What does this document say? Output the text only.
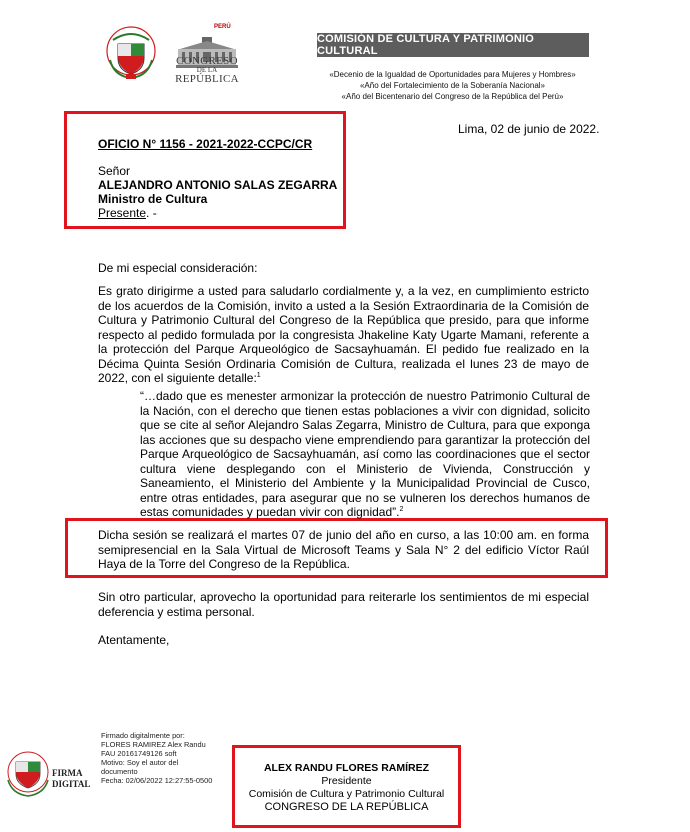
PERÚ
CONGRESO
DE LA
REPÚBLICA
COMISIÓN DE CULTURA Y PATRIMONIO CULTURAL
«Decenio de la Igualdad de Oportunidades para Mujeres y Hombres»
«Año del Fortalecimiento de la Soberanía Nacional»
«Año del Bicentenario del Congreso de la República del Perú»
Lima, 02 de junio de 2022.
OFICIO N° 1156 - 2021-2022-CCPC/CR
Señor
ALEJANDRO ANTONIO SALAS ZEGARRA
Ministro de Cultura
Presente. -
De mi especial consideración:
Es grato dirigirme a usted para saludarlo cordialmente y, a la vez, en cumplimiento estricto de los acuerdos de la Comisión, invito a usted a la Sesión Extraordinaria de la Comisión de Cultura y Patrimonio Cultural del Congreso de la República que presido, para que informe respecto al pedido formulada por la congresista Jhakeline Katy Ugarte Mamani, referente a la protección del Parque Arqueológico de Sacsayhuamán. El pedido fue realizado en la Décima Quinta Sesión Ordinaria Comisión de Cultura, realizada el lunes 23 de mayo de 2022, con el siguiente detalle:$^1$
“…dado que es menester armonizar la protección de nuestro Patrimonio Cultural de la Nación, con el derecho que tienen estas poblaciones a vivir con dignidad, solicito que se cite al señor Alejandro Salas Zegarra, Ministro de Cultura, para que exponga las acciones que su despacho viene emprendiendo para garantizar la protección del Parque Arqueológico de Sacsayhuamán, así como las coordinaciones que el sector cultura viene desplegando con el Ministerio de Vivienda, Construcción y Saneamiento, el Ministerio del Ambiente y la Municipalidad Provincial de Cusco, entre otras entidades, para asegurar que no se vulneren los derechos humanos de estas comunidades y puedan vivir con dignidad”.$^2$
Dicha sesión se realizará el martes 07 de junio del año en curso, a las 10:00 am. en forma semipresencial en la Sala Virtual de Microsoft Teams y Sala N° 2 del edificio Víctor Raúl Haya de la Torre del Congreso de la República.
Sin otro particular, aprovecho la oportunidad para reiterarle los sentimientos de mi especial deferencia y estima personal.
Atentamente,
FIRMA
DIGITAL
Firmado digitalmente por:
FLORES RAMIREZ Alex Randu
FAU 20161749126 soft
Motivo: Soy el autor del
documento
Fecha: 02/06/2022 12:27:55-0500
ALEX RANDU FLORES RAMÍREZ
Presidente
Comisión de Cultura y Patrimonio Cultural
CONGRESO DE LA REPÚBLICA
